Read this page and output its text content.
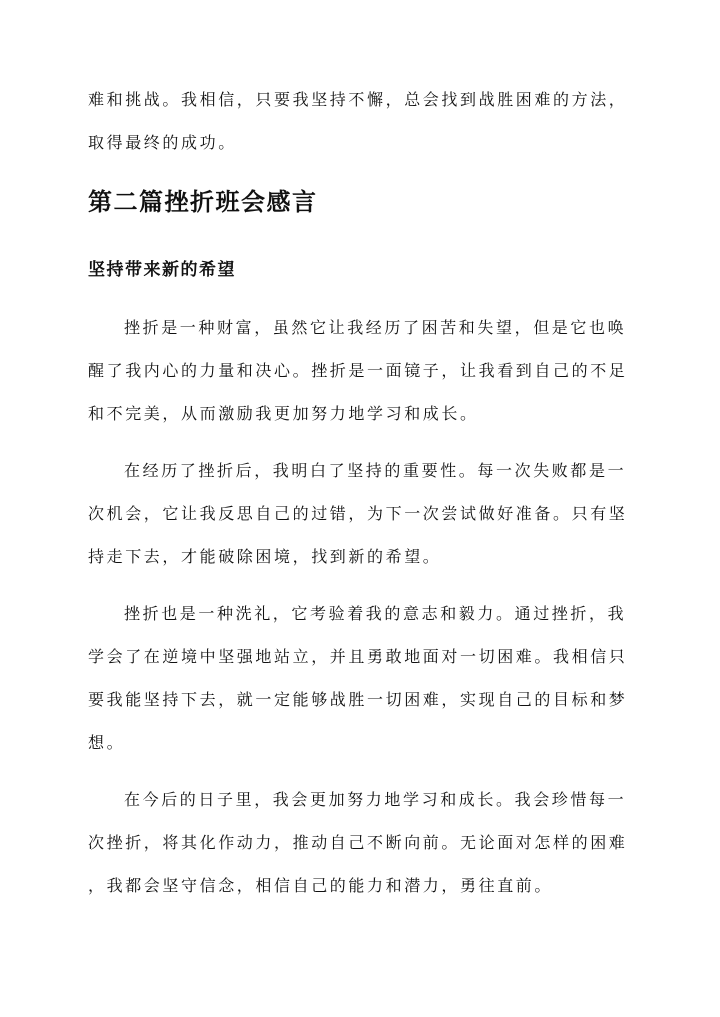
难和挑战。我相信，只要我坚持不懈，总会找到战胜困难的方法，
取得最终的成功。
第二篇挫折班会感言
坚持带来新的希望
挫折是一种财富，虽然它让我经历了困苦和失望，但是它也唤
醒了我内心的力量和决心。挫折是一面镜子，让我看到自己的不足
和不完美，从而激励我更加努力地学习和成长。
在经历了挫折后，我明白了坚持的重要性。每一次失败都是一
次机会，它让我反思自己的过错，为下一次尝试做好准备。只有坚
持走下去，才能破除困境，找到新的希望。
挫折也是一种洗礼，它考验着我的意志和毅力。通过挫折，我
学会了在逆境中坚强地站立，并且勇敢地面对一切困难。我相信只
要我能坚持下去，就一定能够战胜一切困难，实现自己的目标和梦
想。
在今后的日子里，我会更加努力地学习和成长。我会珍惜每一
次挫折，将其化作动力，推动自己不断向前。无论面对怎样的困难
，我都会坚守信念，相信自己的能力和潜力，勇往直前。
